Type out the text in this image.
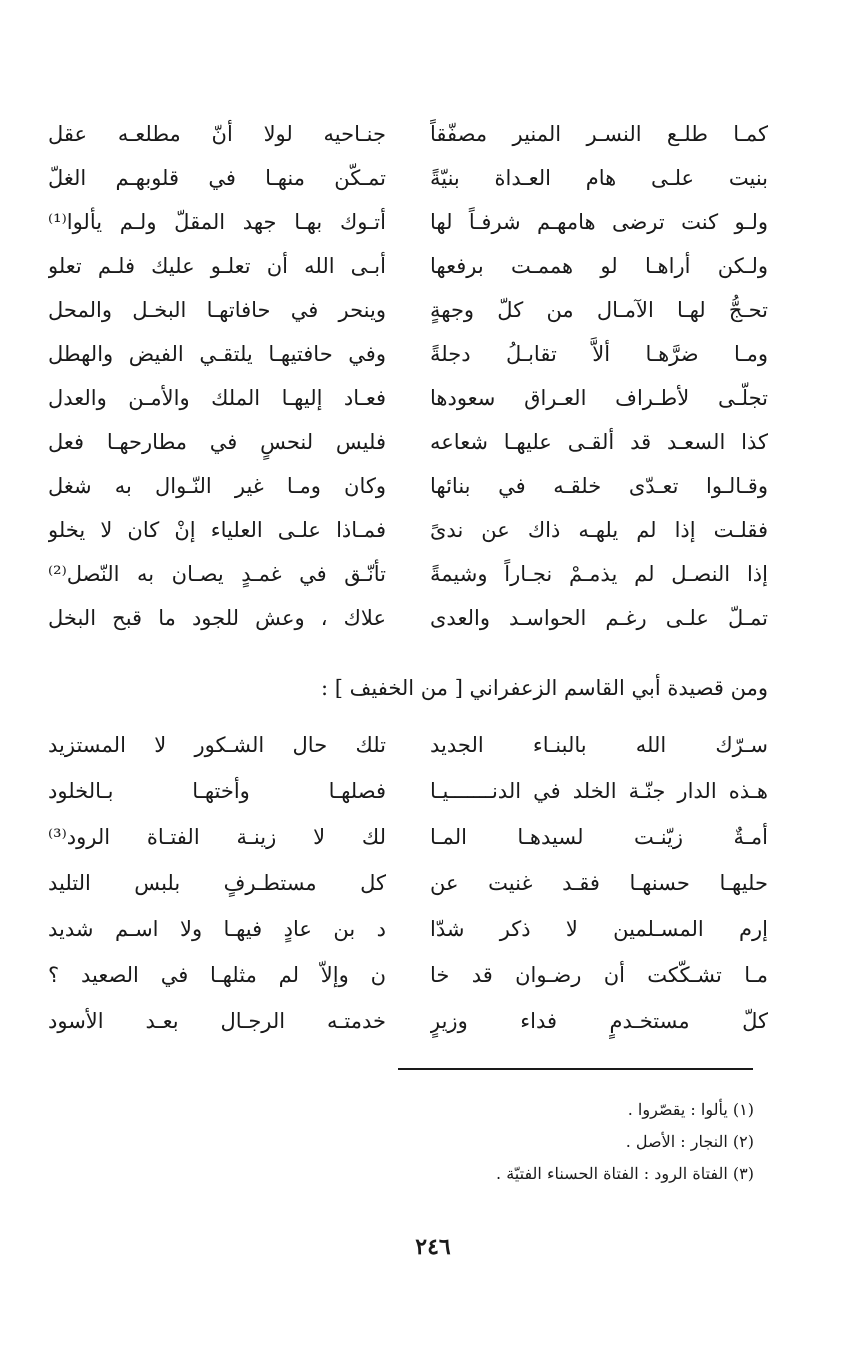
كمـا طلـع النسـر المنير مصفّقاً
جنـاحيه لولا أنّ مطلعـه عقل
بنيت علـى هام العـداة بنيّةً
تمـكّن منهـا في قلوبهـم الغلّ
ولـو كنت ترضى هامهـم شرفـاً لها
أتـوك بهـا جهد المقلّ ولـم يألوا⁽¹⁾
ولـكن أراهـا لو هممـت برفعها
أبـى الله أن تعلـو عليك فلـم تعلو
تحـجُّ لهـا الآمـال من كلّ وجهةٍ
وينحر في حافاتهـا البخـل والمحل
ومـا ضرَّهـا ألاَّ تقابـلُ دجلةً
وفي حافتيهـا يلتقـي الفيض والهطل
تجلّـى لأطـراف العـراق سعودها
فعـاد إليهـا الملك والأمـن والعدل
كذا السعـد قد ألقـى عليهـا شعاعه
فليس لنحسٍ في مطارحهـا فعل
وقـالـوا تعـدّى خلقـه في بنائها
وكان ومـا غير النّـوال به شغل
فقلـت إذا لم يلهـه ذاك عن ندىً
فمـاذا علـى العلياء إنْ كان لا يخلو
إذا النصـل لم يذمـمْ نجـاراً وشيمةً
تأنّـق في غمـدٍ يصـان به النّصل⁽²⁾
تمـلّ علـى رغـم الحواسـد والعدى
علاك ، وعش للجود ما قبح البخل
ومن قصيدة أبي القاسم الزعفراني [ من الخفيف ] :
سـرّك الله بالبنـاء الجديد
تلك حال الشـكور لا المستزيد
هـذه الدار جنّـة الخلد في الدنـــــــيـا
فصلهـا وأختهـا بـالخلود
أمـةٌ زيّنـت لسيدهـا المـا
لك لا زينـة الفتـاة الرود⁽³⁾
حليهـا حسنهـا فقـد غنيت عن
كل مستطـرفٍ بلبس التليد
إرم المسـلمين لا ذكر شدّا
د بن عادٍ فيهـا ولا اسـم شديد
مـا تشـكّكت أن رضـوان قد خا
ن وإلاّ لم مثلهـا في الصعيد ؟
كلّ مستخـدمٍ فداء وزيرٍ
خدمتـه الرجـال بعـد الأسود
(١) يألوا : يقصّروا .
(٢) النجار : الأصل .
(٣) الفتاة الرود : الفتاة الحسناء الفتيّة .
٢٤٦
